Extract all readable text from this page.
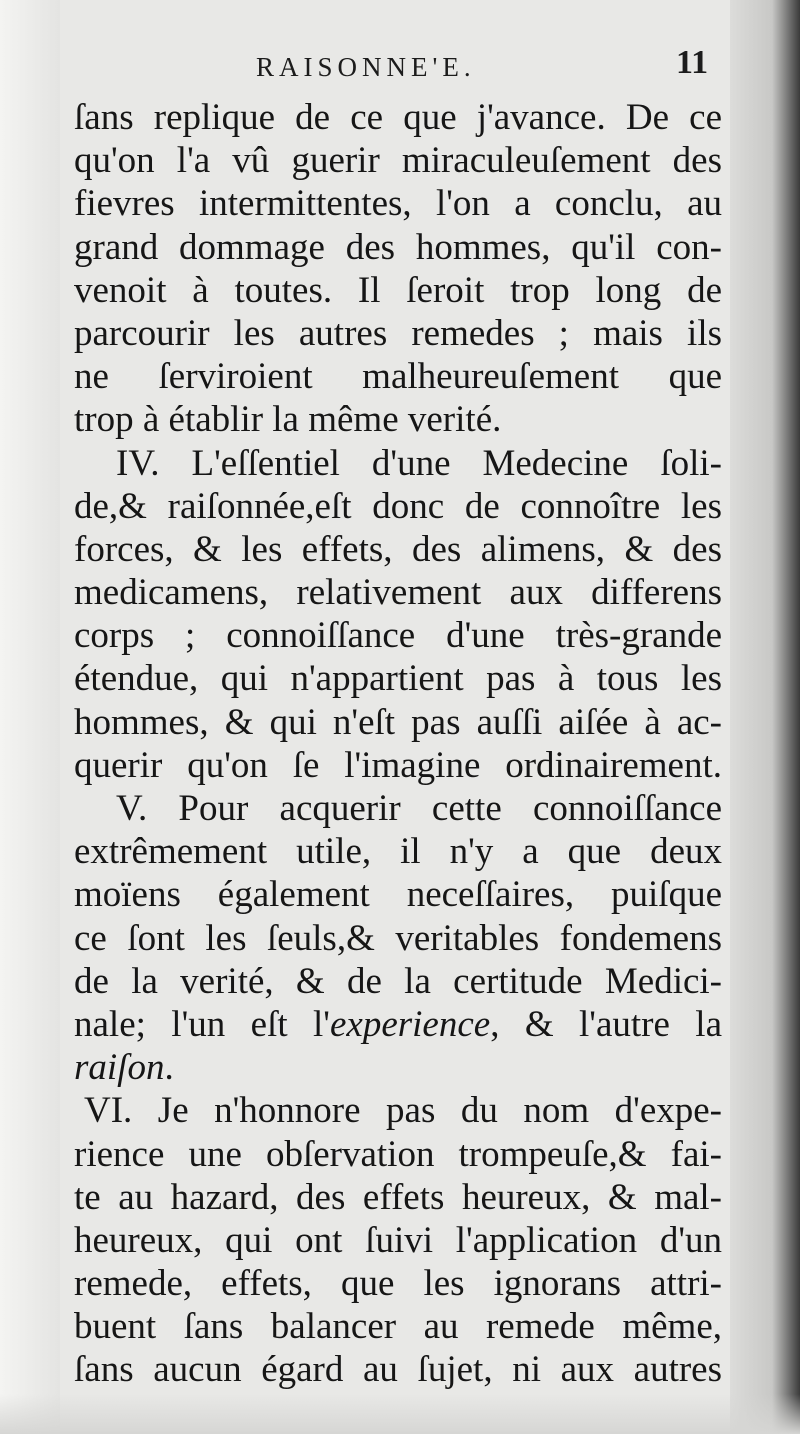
RAISONNE'E.	11
ſans replique de ce que j'avance. De ce
qu'on l'a vû guerir miraculeuſement des
fievres intermittentes, l'on a conclu, au
grand dommage des hommes, qu'il con-
venoit à toutes. Il ſeroit trop long de
parcourir les autres remedes ; mais ils
ne ſerviroient malheureuſement que
trop à établir la même verité.
IV. L'eſſentiel d'une Medecine ſoli-
de,& raiſonnée,eſt donc de connoître les
forces, & les effets, des alimens, & des
medicamens, relativement aux differens
corps ; connoiſſance d'une très-grande
étendue, qui n'appartient pas à tous les
hommes, & qui n'eſt pas auſſi aiſée à ac-
querir qu'on ſe l'imagine ordinairement.
V. Pour acquerir cette connoiſſance
extrêmement utile, il n'y a que deux
moïens également neceſſaires, puiſque
ce ſont les ſeuls,& veritables fondemens
de la verité, & de la certitude Medici-
nale; l'un eſt l'experience, & l'autre la
raiſon.
VI. Je n'honnore pas du nom d'expe-
rience une obſervation trompeuſe,& fai-
te au hazard, des effets heureux, & mal-
heureux, qui ont ſuivi l'application d'un
remede, effets, que les ignorans attri-
buent ſans balancer au remede même,
ſans aucun égard au ſujet, ni aux autres
